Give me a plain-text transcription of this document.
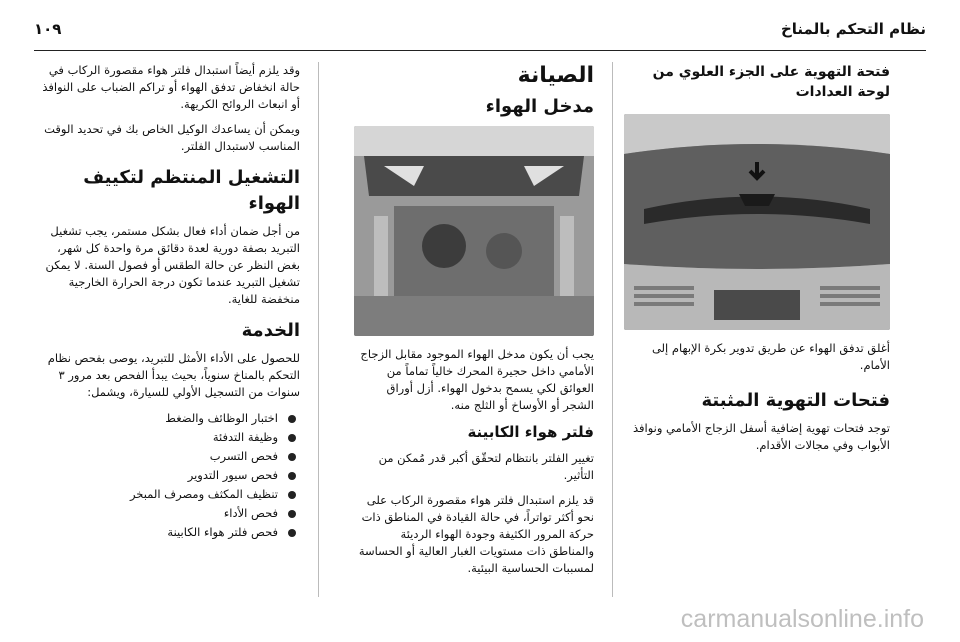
نظام التحكم بالمناخ
١٠٩
فتحة التهوية على الجزء العلوي من لوحة العدادات

أغلق تدفق الهواء عن طريق تدوير بكرة الإبهام إلى الأمام.

فتحات التهوية المثبتة

توجد فتحات تهوية إضافية أسفل الزجاج الأمامي ونوافذ الأبواب وفي مجالات الأقدام.

الصيانة
مدخل الهواء

يجب أن يكون مدخل الهواء الموجود مقابل الزجاج الأمامي داخل حجيرة المحرك خالياً تماماً من العوائق لكي يسمح بدخول الهواء. أزل أوراق الشجر أو الأوساخ أو الثلج منه.

فلتر هواء الكابينة

تغيير الفلتر بانتظام لتحقّق أكبر قدر مُمكن من التأثير.

قد يلزم استبدال فلتر هواء مقصورة الركاب على نحو أكثر تواتراً، في حالة القيادة في المناطق ذات حركة المرور الكثيفة وجودة الهواء الرديئة والمناطق ذات مستويات الغبار العالية أو الحساسة لمسببات الحساسية البيئية.

وقد يلزم أيضاً استبدال فلتر هواء مقصورة الركاب في حالة انخفاض تدفق الهواء أو تراكم الضباب على النوافذ أو انبعاث الروائح الكريهة.

ويمكن أن يساعدك الوكيل الخاص بك في تحديد الوقت المناسب لاستبدال الفلتر.

التشغيل المنتظم لتكييف الهواء

من أجل ضمان أداء فعال بشكل مستمر، يجب تشغيل التبريد بصفة دورية لعدة دقائق مرة واحدة كل شهر، بغض النظر عن حالة الطقس أو فصول السنة. لا يمكن تشغيل التبريد عندما تكون درجة الحرارة الخارجية منخفضة للغاية.

الخدمة

للحصول على الأداء الأمثل للتبريد، يوصى بفحص نظام التحكم بالمناخ سنوياً، بحيث يبدأ الفحص بعد مرور ٣ سنوات من التسجيل الأولي للسيارة، ويشمل:

اختبار الوظائف والضغط
وظيفة التدفئة
فحص التسرب
فحص سيور التدوير
تنظيف المكثف ومصرف المبخر
فحص الأداء
فحص فلتر هواء الكابينة
carmanualsonline.info
